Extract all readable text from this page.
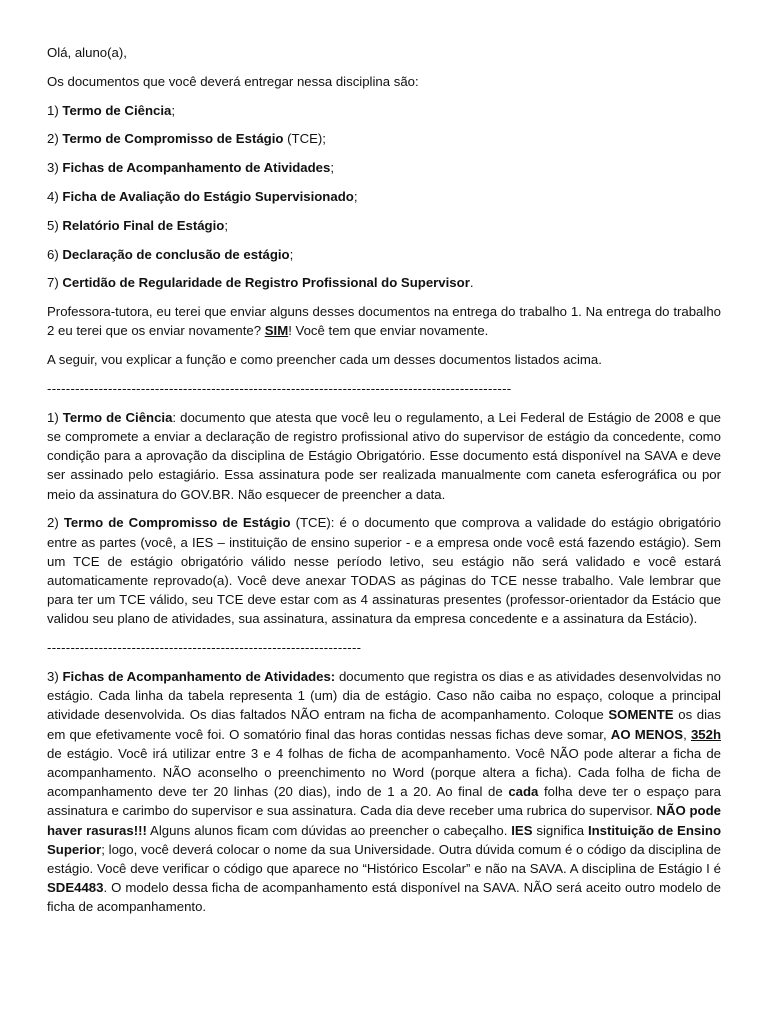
Olá, aluno(a),

Os documentos que você deverá entregar nessa disciplina são:

1) Termo de Ciência;

2) Termo de Compromisso de Estágio (TCE);

3) Fichas de Acompanhamento de Atividades;

4) Ficha de Avaliação do Estágio Supervisionado;

5) Relatório Final de Estágio;

6) Declaração de conclusão de estágio;

7) Certidão de Regularidade de Registro Profissional do Supervisor.

Professora-tutora, eu terei que enviar alguns desses documentos na entrega do trabalho 1. Na entrega do trabalho 2 eu terei que os enviar novamente? SIM! Você tem que enviar novamente.

A seguir, vou explicar a função e como preencher cada um desses documentos listados acima.

---------------------------------------------------------------------------------------------------

1) Termo de Ciência: documento que atesta que você leu o regulamento, a Lei Federal de Estágio de 2008 e que se compromete a enviar a declaração de registro profissional ativo do supervisor de estágio da concedente, como condição para a aprovação da disciplina de Estágio Obrigatório. Esse documento está disponível na SAVA e deve ser assinado pelo estagiário. Essa assinatura pode ser realizada manualmente com caneta esferográfica ou por meio da assinatura do GOV.BR. Não esquecer de preencher a data.

2) Termo de Compromisso de Estágio (TCE): é o documento que comprova a validade do estágio obrigatório entre as partes (você, a IES – instituição de ensino superior - e a empresa onde você está fazendo estágio). Sem um TCE de estágio obrigatório válido nesse período letivo, seu estágio não será validado e você estará automaticamente reprovado(a). Você deve anexar TODAS as páginas do TCE nesse trabalho. Vale lembrar que para ter um TCE válido, seu TCE deve estar com as 4 assinaturas presentes (professor-orientador da Estácio que validou seu plano de atividades, sua assinatura, assinatura da empresa concedente e a assinatura da Estácio).

-------------------------------------------------------------------

3) Fichas de Acompanhamento de Atividades: documento que registra os dias e as atividades desenvolvidas no estágio. Cada linha da tabela representa 1 (um) dia de estágio. Caso não caiba no espaço, coloque a principal atividade desenvolvida. Os dias faltados NÃO entram na ficha de acompanhamento. Coloque SOMENTE os dias em que efetivamente você foi. O somatório final das horas contidas nessas fichas deve somar, AO MENOS, 352h de estágio. Você irá utilizar entre 3 e 4 folhas de ficha de acompanhamento. Você NÃO pode alterar a ficha de acompanhamento. NÃO aconselho o preenchimento no Word (porque altera a ficha). Cada folha de ficha de acompanhamento deve ter 20 linhas (20 dias), indo de 1 a 20. Ao final de cada folha deve ter o espaço para assinatura e carimbo do supervisor e sua assinatura. Cada dia deve receber uma rubrica do supervisor. NÃO pode haver rasuras!!! Alguns alunos ficam com dúvidas ao preencher o cabeçalho. IES significa Instituição de Ensino Superior; logo, você deverá colocar o nome da sua Universidade. Outra dúvida comum é o código da disciplina de estágio. Você deve verificar o código que aparece no “Histórico Escolar” e não na SAVA. A disciplina de Estágio I é SDE4483. O modelo dessa ficha de acompanhamento está disponível na SAVA. NÃO será aceito outro modelo de ficha de acompanhamento.
